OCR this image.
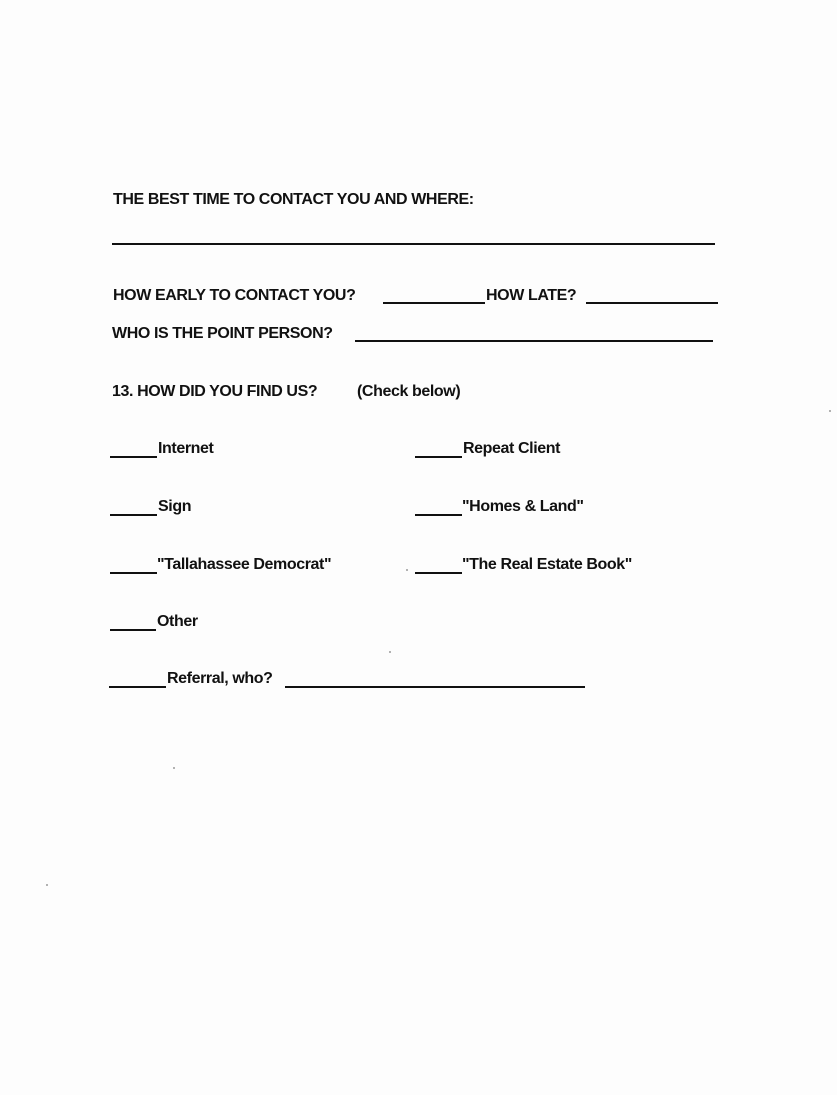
THE BEST TIME TO CONTACT YOU AND WHERE:
HOW EARLY TO CONTACT YOU?	HOW LATE?
WHO IS THE POINT PERSON?
13. HOW DID YOU FIND US? (Check below)
Internet	Repeat Client
Sign	"Homes & Land"
"Tallahassee Democrat"	"The Real Estate Book"
Other
Referral, who?
